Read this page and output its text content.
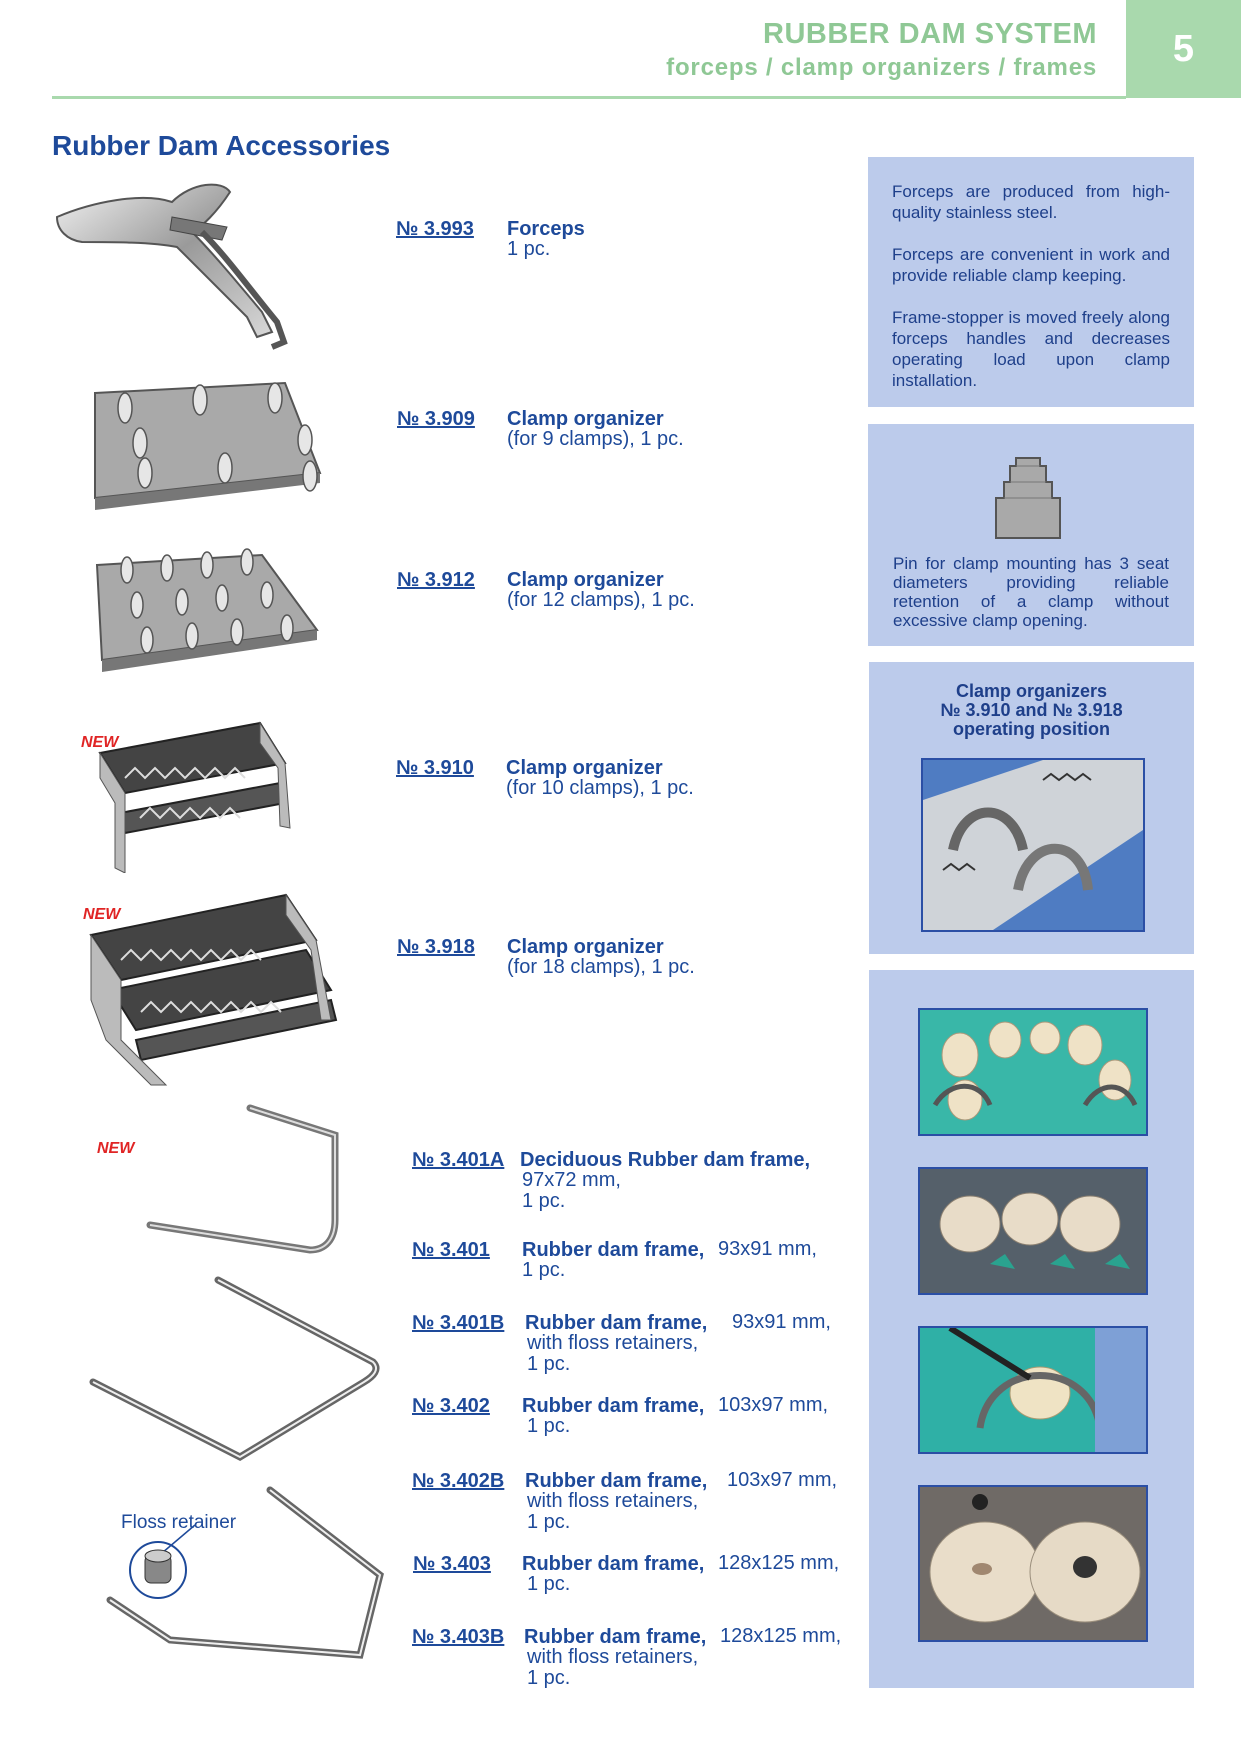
RUBBER DAM SYSTEM
forceps / clamp organizers / frames	5
Rubber Dam Accessories
NEW
NEW
NEW
Floss retainer
№ 3.993 Forceps
1 pc.
№ 3.909 Clamp organizer
(for 9 clamps), 1 pc.
№ 3.912 Clamp organizer
(for 12 clamps), 1 pc.
№ 3.910 Clamp organizer
(for 10 clamps), 1 pc.
№ 3.918 Clamp organizer
(for 18 clamps), 1 pc.
№ 3.401A Deciduous Rubber dam frame,
97x72 mm,
1 pc.
№ 3.401 Rubber dam frame, 93x91 mm,
1 pc.
№ 3.401B Rubber dam frame, 93x91 mm,
with floss retainers,
1 pc.
№ 3.402 Rubber dam frame, 103x97 mm,
1 pc.
№ 3.402B Rubber dam frame, 103x97 mm,
with floss retainers,
1 pc.
№ 3.403 Rubber dam frame, 128x125 mm,
1 pc.
№ 3.403B Rubber dam frame, 128x125 mm,
with floss retainers,
1 pc.
Forceps are produced from high-quality stainless steel.
Forceps are convenient in work and provide reliable clamp keeping.
Frame-stopper is moved freely along forceps handles and decreases operating load upon clamp installation.
Pin for clamp mounting has 3 seat diameters providing reliable retention of a clamp without excessive clamp opening.
Clamp organizers
№ 3.910 and № 3.918
operating position
